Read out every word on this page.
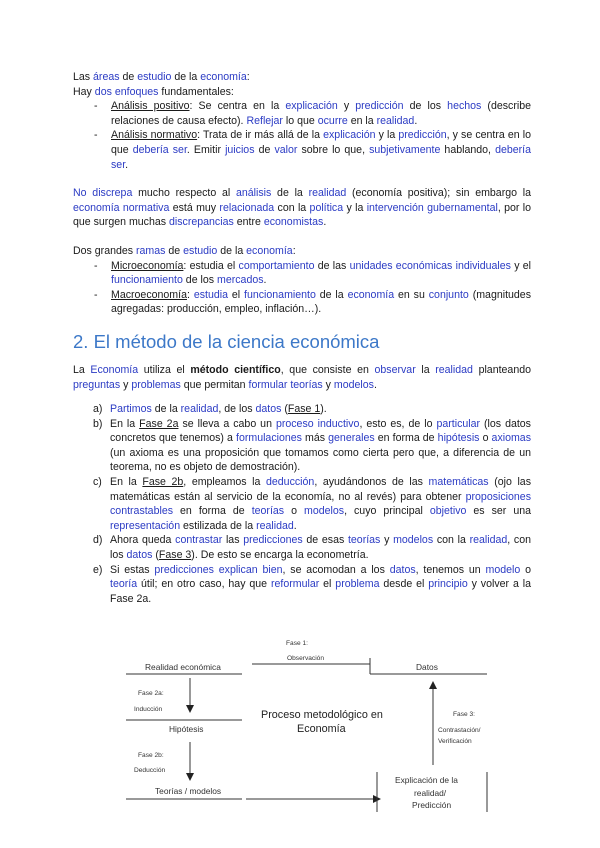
Las áreas de estudio de la economía:

Hay dos enfoques fundamentales:

- Análisis positivo: Se centra en la explicación y predicción de los hechos (describe relaciones de causa efecto). Reflejar lo que ocurre en la realidad.
- Análisis normativo: Trata de ir más allá de la explicación y la predicción, y se centra en lo que debería ser. Emitir juicios de valor sobre lo que, subjetivamente hablando, debería ser.

No discrepa mucho respecto al análisis de la realidad (economía positiva); sin embargo la economía normativa está muy relacionada con la política y la intervención gubernamental, por lo que surgen muchas discrepancias entre economistas.

Dos grandes ramas de estudio de la economía:

- Microeconomía: estudia el comportamiento de las unidades económicas individuales y el funcionamiento de los mercados.
- Macroeconomía: estudia el funcionamiento de la economía en su conjunto (magnitudes agregadas: producción, empleo, inflación…).
2. El método de la ciencia económica

La Economía utiliza el método científico, que consiste en observar la realidad planteando preguntas y problemas que permitan formular teorías y modelos.

a) Partimos de la realidad, de los datos (Fase 1).
b) En la Fase 2a se lleva a cabo un proceso inductivo, esto es, de lo particular (los datos concretos que tenemos) a formulaciones más generales en forma de hipótesis o axiomas (un axioma es una proposición que tomamos como cierta pero que, a diferencia de un teorema, no es objeto de demostración).
c) En la Fase 2b, empleamos la deducción, ayudándonos de las matemáticas (ojo las matemáticas están al servicio de la economía, no al revés) para obtener proposiciones contrastables en forma de teorías o modelos, cuyo principal objetivo es ser una representación estilizada de la realidad.
d) Ahora queda contrastar las predicciones de esas teorías y modelos con la realidad, con los datos (Fase 3). De esto se encarga la econometría.
e) Si estas predicciones explican bien, se acomodan a los datos, tenemos un modelo o teoría útil; en otro caso, hay que reformular el problema desde el principio y volver a la Fase 2a.
Fase 1:
Observación
Realidad económica	Datos
Fase 2a:
Inducción	Proceso metodológico en
Economía
Fase 3:
Contrastación/
Verificación
Hipótesis
Fase 2b:
Deducción
Teorías / modelos
Explicación de la
realidad/
Predicción
